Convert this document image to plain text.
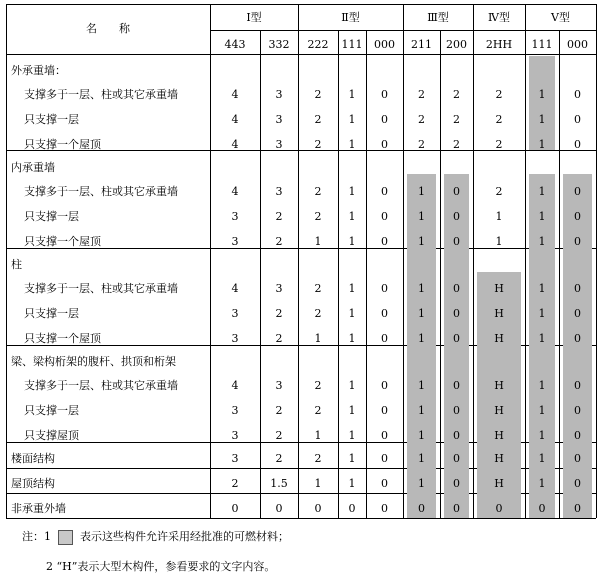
名　　称
Ⅰ型
443	332
Ⅱ型
222	111	000
Ⅲ型
211	200
Ⅳ型
2HH
Ⅴ型
111	000
外承重墙：
支撑多于一层、柱或其它承重墙	4	3	2	1	0	2	2	2	1	0
只支撑一层	4	3	2	1	0	2	2	2	1	0
只支撑一个屋顶	4	3	2	1	0	2	2	2	1	0
内承重墙
支撑多于一层、柱或其它承重墙	4	3	2	1	0	1	0	2	1	0
只支撑一层	3	2	2	1	0	1	0	1	1	0
只支撑一个屋顶	3	2	1	1	0	1	0	1	1	0
柱
支撑多于一层、柱或其它承重墙	4	3	2	1	0	1	0	H	1	0
只支撑一层	3	2	2	1	0	1	0	H	1	0
只支撑一个屋顶	3	2	1	1	0	1	0	H	1	0
梁、梁构桁架的腹杆、拱顶和桁架
支撑多于一层、柱或其它承重墙	4	3	2	1	0	1	0	H	1	0
只支撑一层	3	2	2	1	0	1	0	H	1	0
只支撑屋顶	3	2	1	1	0	1	0	H	1	0
楼面结构	3	2	2	1	0	1	0	H	1	0
屋顶结构	2	1.5	1	1	0	1	0	H	1	0
非承重外墙	0	0	0	0	0	0	0	0	0	0
注：1	表示这些构件允许采用经批准的可燃材料；
2 “H”表示大型木构件，参看要求的文字内容。
